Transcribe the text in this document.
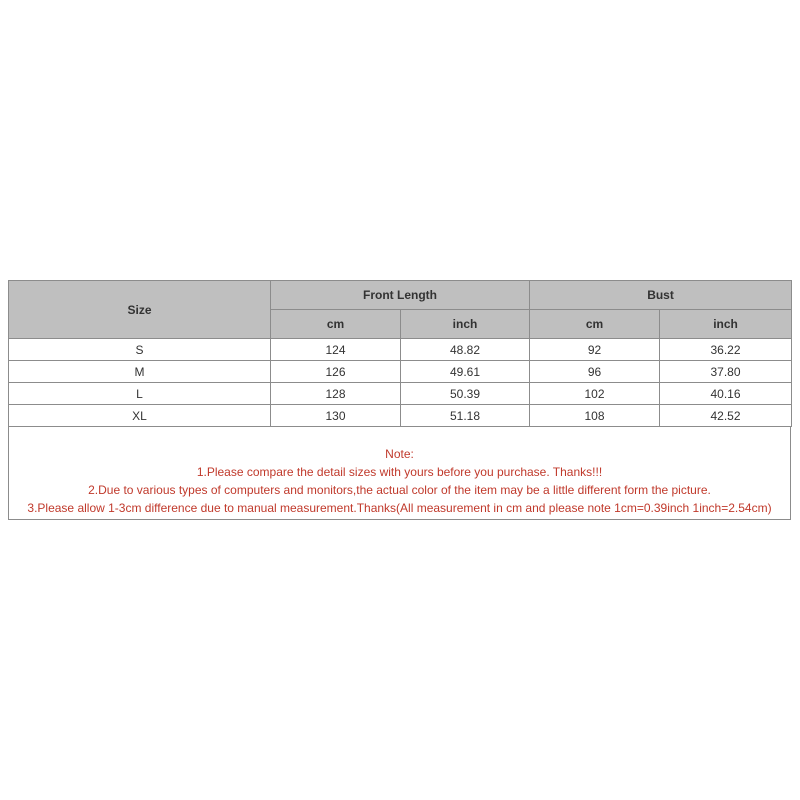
Size	Front Length		Bust	
	cm	inch	cm	inch
S	124	48.82	92	36.22
M	126	49.61	96	37.80
L	128	50.39	102	40.16
XL	130	51.18	108	42.52
Note:
1.Please compare the detail sizes with yours before you purchase. Thanks!!!
2.Due to various types of computers and monitors,the actual color of the item may be a little different form the picture.
3.Please allow 1-3cm difference due to manual measurement.Thanks(All measurement in cm and please note 1cm=0.39inch 1inch=2.54cm)
